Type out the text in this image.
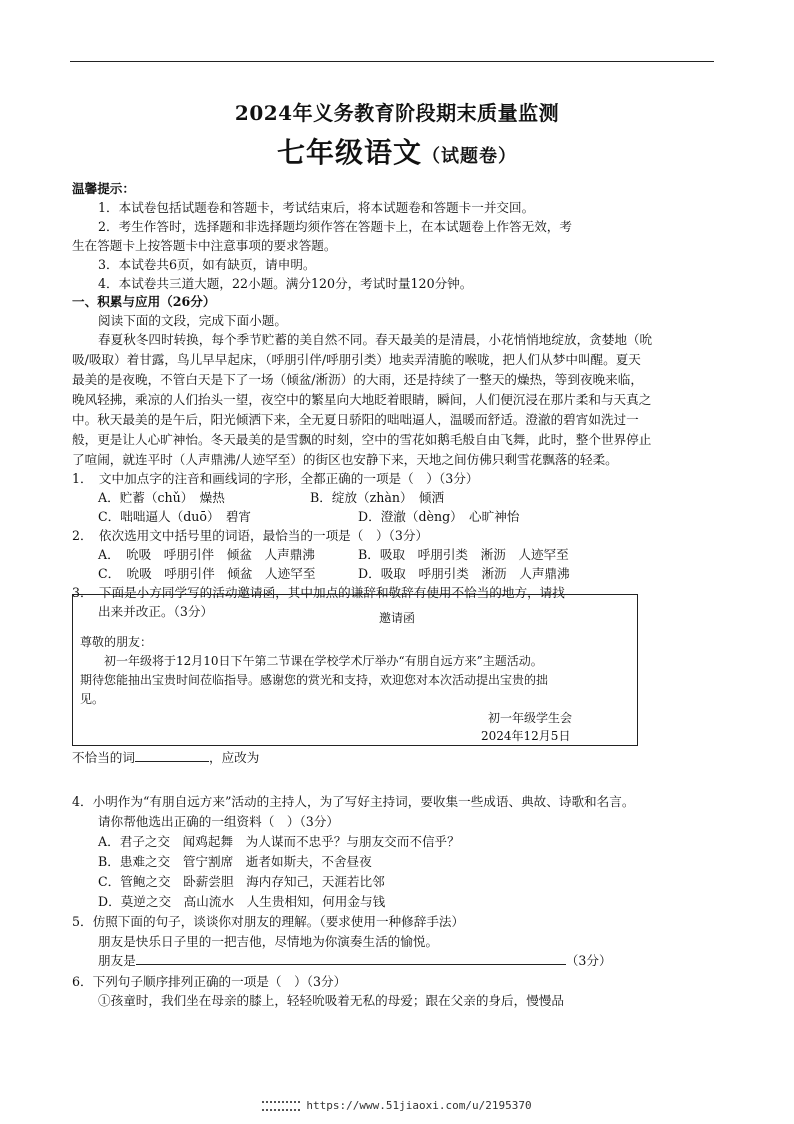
2024年义务教育阶段期末质量监测
七年级语文（试题卷）
温馨提示：
1．本试卷包括试题卷和答题卡，考试结束后，将本试题卷和答题卡一并交回。
2．考生作答时，选择题和非选择题均须作答在答题卡上，在本试题卷上作答无效，考
生在答题卡上按答题卡中注意事项的要求答题。
3．本试卷共6页，如有缺页，请申明。
4．本试卷共三道大题，22小题。满分120分，考试时量120分钟。
一、积累与应用（26分）
阅读下面的文段，完成下面小题。
春夏秋冬四时转换，每个季节贮蓄的美自然不同。春天最美的是清晨，小花悄悄地绽放，贪婪地（吮
吸/吸取）着甘露，鸟儿早早起床，（呼朋引伴/呼朋引类）地卖弄清脆的喉咙，把人们从梦中叫醒。夏天
最美的是夜晚，不管白天是下了一场（倾盆/淅沥）的大雨，还是持续了一整天的燥热，等到夜晚来临，
晚风轻拂，乘凉的人们抬头一望，夜空中的繁星向大地眨着眼睛，瞬间，人们便沉浸在那片柔和与天真之
中。秋天最美的是午后，阳光倾洒下来，全无夏日骄阳的咄咄逼人，温暖而舒适。澄澈的碧宵如洗过一
般，更是让人心旷神怡。冬天最美的是雪飘的时刻，空中的雪花如鹅毛般自由飞舞，此时，整个世界停止
了喧闹，就连平时（人声鼎沸/人迹罕至）的街区也安静下来，天地之间仿佛只剩雪花飘落的轻柔。
1．　文中加点字的注音和画线词的字形，全都正确的一项是（　）（3分）
A．贮蓄（chǔ）　燥热	B．绽放（zhàn）　倾洒
C．咄咄逼人（duō）　碧宵	D．澄澈（dèng）　心旷神怡
2．　依次选用文中括号里的词语，最恰当的一项是（　）（3分）
A．　吮吸　呼朋引伴　倾盆　人声鼎沸	B．吸取　呼朋引类　淅沥　人迹罕至
C．　吮吸　呼朋引伴　倾盆　人迹罕至	D．吸取　呼朋引类　淅沥　人声鼎沸
3．　下面是小方同学写的活动邀请函，其中加点的谦辞和敬辞有使用不恰当的地方，请找
出来并改正。（3分）	邀请函
尊敬的朋友：
初一年级将于12月10日下午第二节课在学校学术厅举办“有朋自远方来”主题活动。
期待您能抽出宝贵时间莅临指导。感谢您的赏光和支持，欢迎您对本次活动提出宝贵的拙
见。
初一年级学生会
2024年12月5日
不恰当的词	，应改为
4．小明作为“有朋自远方来”活动的主持人，为了写好主持词，要收集一些成语、典故、诗歌和名言。
请你帮他选出正确的一组资料（　）（3分）
A．君子之交　闻鸡起舞　为人谋而不忠乎？与朋友交而不信乎？
B．患难之交　管宁割席　逝者如斯夫，不舍昼夜
C．管鲍之交　卧薪尝胆　海内存知己，天涯若比邻
D．莫逆之交　高山流水　人生贵相知，何用金与钱
5．仿照下面的句子，谈谈你对朋友的理解。（要求使用一种修辞手法）
朋友是快乐日子里的一把吉他，尽情地为你演奏生活的愉悦。
朋友是	（3分）
6．下列句子顺序排列正确的一项是（　）（3分）
①孩童时，我们坐在母亲的膝上，轻轻吮吸着无私的母爱；跟在父亲的身后，慢慢品
https://www.51jiaoxi.com/u/2195370
